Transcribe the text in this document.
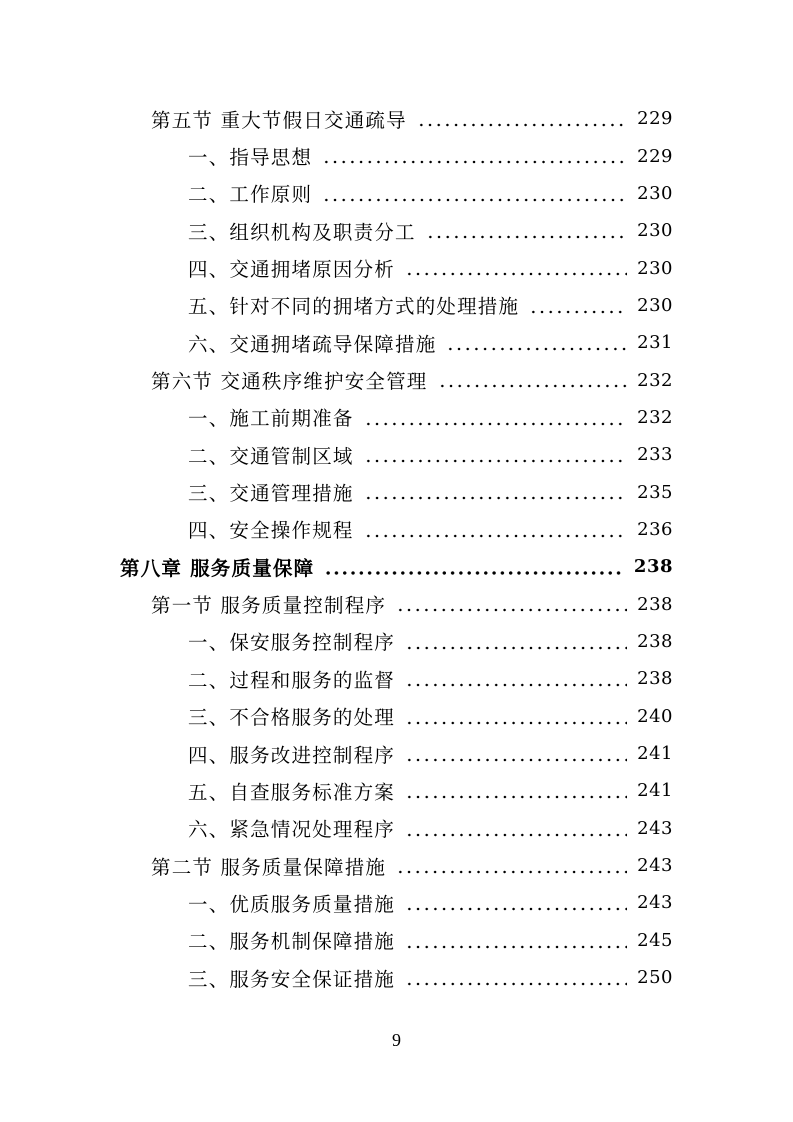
第五节 重大节假日交通疏导	229
一、指导思想	229
二、工作原则	230
三、组织机构及职责分工	230
四、交通拥堵原因分析	230
五、针对不同的拥堵方式的处理措施	230
六、交通拥堵疏导保障措施	231
第六节 交通秩序维护安全管理	232
一、施工前期准备	232
二、交通管制区域	233
三、交通管理措施	235
四、安全操作规程	236
第八章 服务质量保障	238
第一节 服务质量控制程序	238
一、保安服务控制程序	238
二、过程和服务的监督	238
三、不合格服务的处理	240
四、服务改进控制程序	241
五、自查服务标准方案	241
六、紧急情况处理程序	243
第二节 服务质量保障措施	243
一、优质服务质量措施	243
二、服务机制保障措施	245
三、服务安全保证措施	250
9
